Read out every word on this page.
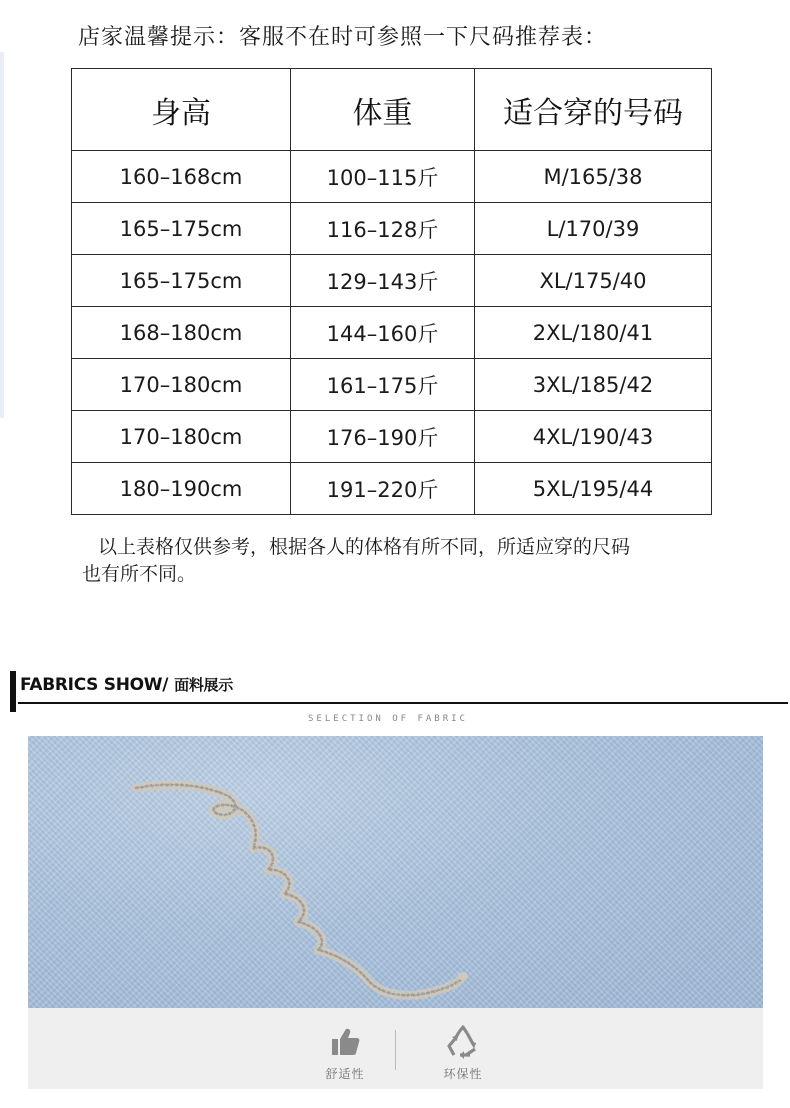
店家温馨提示：客服不在时可参照一下尺码推荐表：
身高	体重	适合穿的号码
160–168cm	100–115斤	M/165/38
165–175cm	116–128斤	L/170/39
165–175cm	129–143斤	XL/175/40
168–180cm	144–160斤	2XL/180/41
170–180cm	161–175斤	3XL/185/42
170–180cm	176–190斤	4XL/190/43
180–190cm	191–220斤	5XL/195/44

以上表格仅供参考，根据各人的体格有所不同，所适应穿的尺码

也有所不同。

FABRICS SHOW/ 面料展示
SELECTION OF FABRIC
舒适性	环保性
